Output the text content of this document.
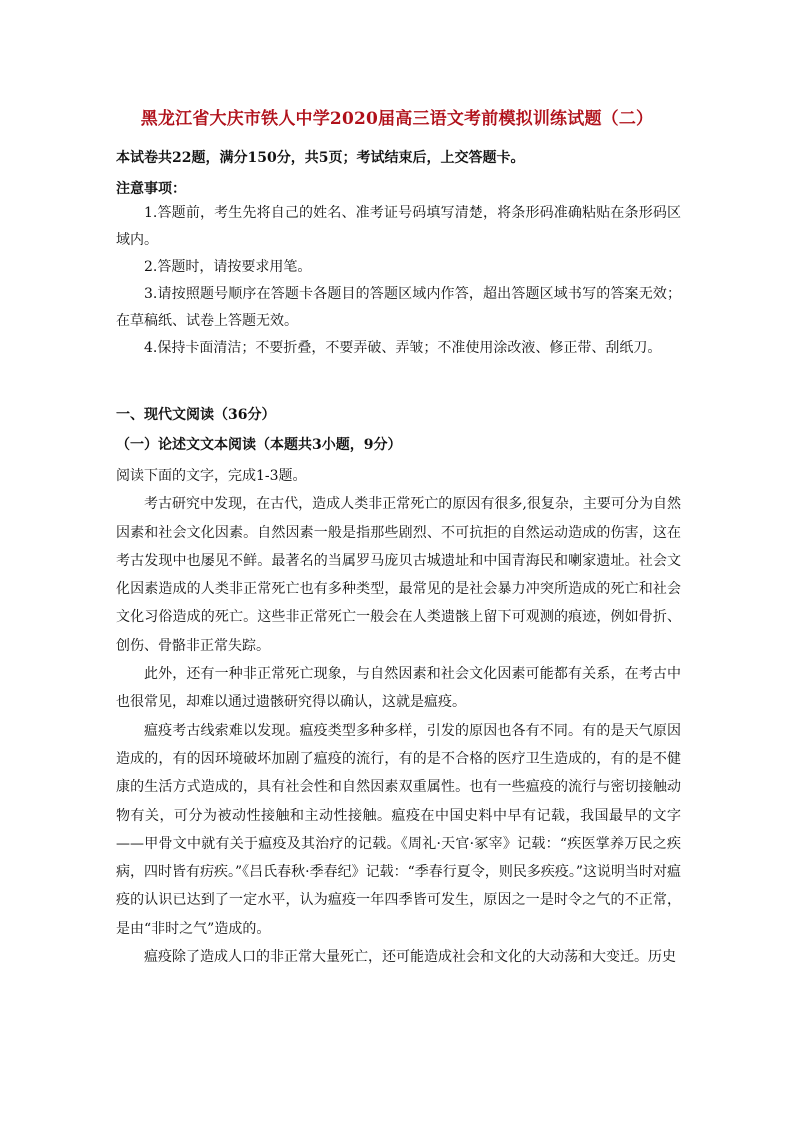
黑龙江省大庆市铁人中学2020届高三语文考前模拟训练试题（二）
本试卷共22题，满分150分，共5页；考试结束后，上交答题卡。
注意事项：

1.答题前，考生先将自己的姓名、准考证号码填写清楚，将条形码准确粘贴在条形码区域内。

2.答题时，请按要求用笔。

3.请按照题号顺序在答题卡各题目的答题区域内作答，超出答题区域书写的答案无效；在草稿纸、试卷上答题无效。

4.保持卡面清洁；不要折叠，不要弄破、弄皱；不准使用涂改液、修正带、刮纸刀。

一、现代文阅读（36分）
（一）论述文文本阅读（本题共3小题，9分）

阅读下面的文字，完成1-3题。

考古研究中发现，在古代，造成人类非正常死亡的原因有很多,很复杂，主要可分为自然因素和社会文化因素。自然因素一般是指那些剧烈、不可抗拒的自然运动造成的伤害，这在考古发现中也屡见不鲜。最著名的当属罗马庞贝古城遗址和中国青海民和喇家遗址。社会文化因素造成的人类非正常死亡也有多种类型，最常见的是社会暴力冲突所造成的死亡和社会文化习俗造成的死亡。这些非正常死亡一般会在人类遗骸上留下可观测的痕迹，例如骨折、创伤、骨骼非正常失踪。

此外，还有一种非正常死亡现象，与自然因素和社会文化因素可能都有关系，在考古中也很常见，却难以通过遗骸研究得以确认，这就是瘟疫。

瘟疫考古线索难以发现。瘟疫类型多种多样，引发的原因也各有不同。有的是天气原因造成的，有的因环境破坏加剧了瘟疫的流行，有的是不合格的医疗卫生造成的，有的是不健康的生活方式造成的，具有社会性和自然因素双重属性。也有一些瘟疫的流行与密切接触动物有关，可分为被动性接触和主动性接触。瘟疫在中国史料中早有记载，我国最早的文字——甲骨文中就有关于瘟疫及其治疗的记载。《周礼·天官·冢宰》记载：“疾医掌养万民之疾病，四时皆有疠疾。”《吕氏春秋·季春纪》记载：“季春行夏令，则民多疾疫。”这说明当时对瘟疫的认识已达到了一定水平，认为瘟疫一年四季皆可发生，原因之一是时令之气的不正常，是由“非时之气”造成的。

瘟疫除了造成人口的非正常大量死亡，还可能造成社会和文化的大动荡和大变迁。历史
